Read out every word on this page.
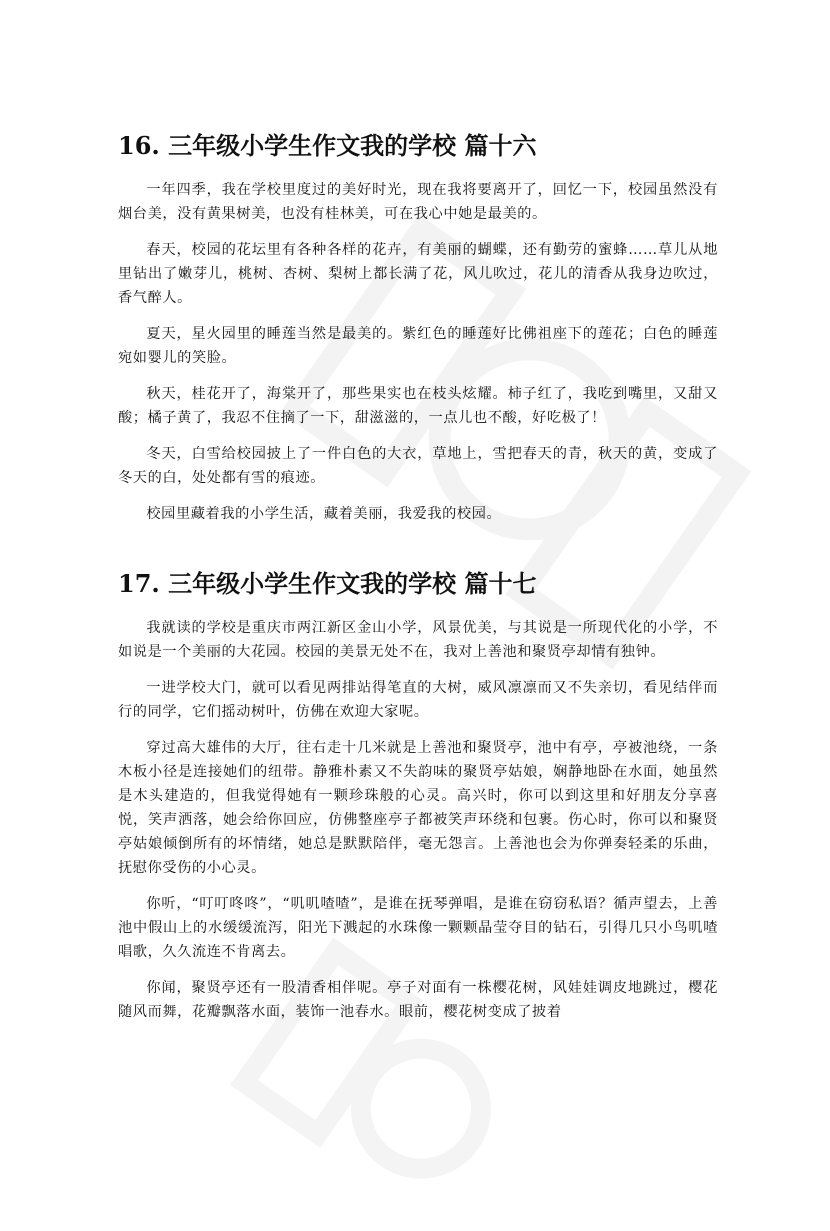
16. 三年级小学生作文我的学校 篇十六

一年四季，我在学校里度过的美好时光，现在我将要离开了，回忆一下，校园虽然没有烟台美，没有黄果树美，也没有桂林美，可在我心中她是最美的。

春天，校园的花坛里有各种各样的花卉，有美丽的蝴蝶，还有勤劳的蜜蜂……草儿从地里钻出了嫩芽儿，桃树、杏树、梨树上都长满了花，风儿吹过，花儿的清香从我身边吹过，香气醉人。

夏天，星火园里的睡莲当然是最美的。紫红色的睡莲好比佛祖座下的莲花；白色的睡莲宛如婴儿的笑脸。

秋天，桂花开了，海棠开了，那些果实也在枝头炫耀。柿子红了，我吃到嘴里，又甜又酸；橘子黄了，我忍不住摘了一下，甜滋滋的，一点儿也不酸，好吃极了！

冬天，白雪给校园披上了一件白色的大衣，草地上，雪把春天的青，秋天的黄，变成了冬天的白，处处都有雪的痕迹。

校园里藏着我的小学生活，藏着美丽，我爱我的校园。

17. 三年级小学生作文我的学校 篇十七

我就读的学校是重庆市两江新区金山小学，风景优美，与其说是一所现代化的小学，不如说是一个美丽的大花园。校园的美景无处不在，我对上善池和聚贤亭却情有独钟。

一进学校大门，就可以看见两排站得笔直的大树，威风凛凛而又不失亲切，看见结伴而行的同学，它们摇动树叶，仿佛在欢迎大家呢。

穿过高大雄伟的大厅，往右走十几米就是上善池和聚贤亭，池中有亭，亭被池绕，一条木板小径是连接她们的纽带。静雅朴素又不失韵味的聚贤亭姑娘，娴静地卧在水面，她虽然是木头建造的，但我觉得她有一颗珍珠般的心灵。高兴时，你可以到这里和好朋友分享喜悦，笑声洒落，她会给你回应，仿佛整座亭子都被笑声环绕和包裹。伤心时，你可以和聚贤亭姑娘倾倒所有的坏情绪，她总是默默陪伴，毫无怨言。上善池也会为你弹奏轻柔的乐曲，抚慰你受伤的小心灵。

你听，“叮叮咚咚”，“叽叽喳喳”，是谁在抚琴弹唱，是谁在窃窃私语？循声望去，上善池中假山上的水缓缓流泻，阳光下溅起的水珠像一颗颗晶莹夺目的钻石，引得几只小鸟叽喳唱歌，久久流连不肯离去。

你闻，聚贤亭还有一股清香相伴呢。亭子对面有一株樱花树，风娃娃调皮地跳过，樱花随风而舞，花瓣飘落水面，装饰一池春水。眼前，樱花树变成了披着
